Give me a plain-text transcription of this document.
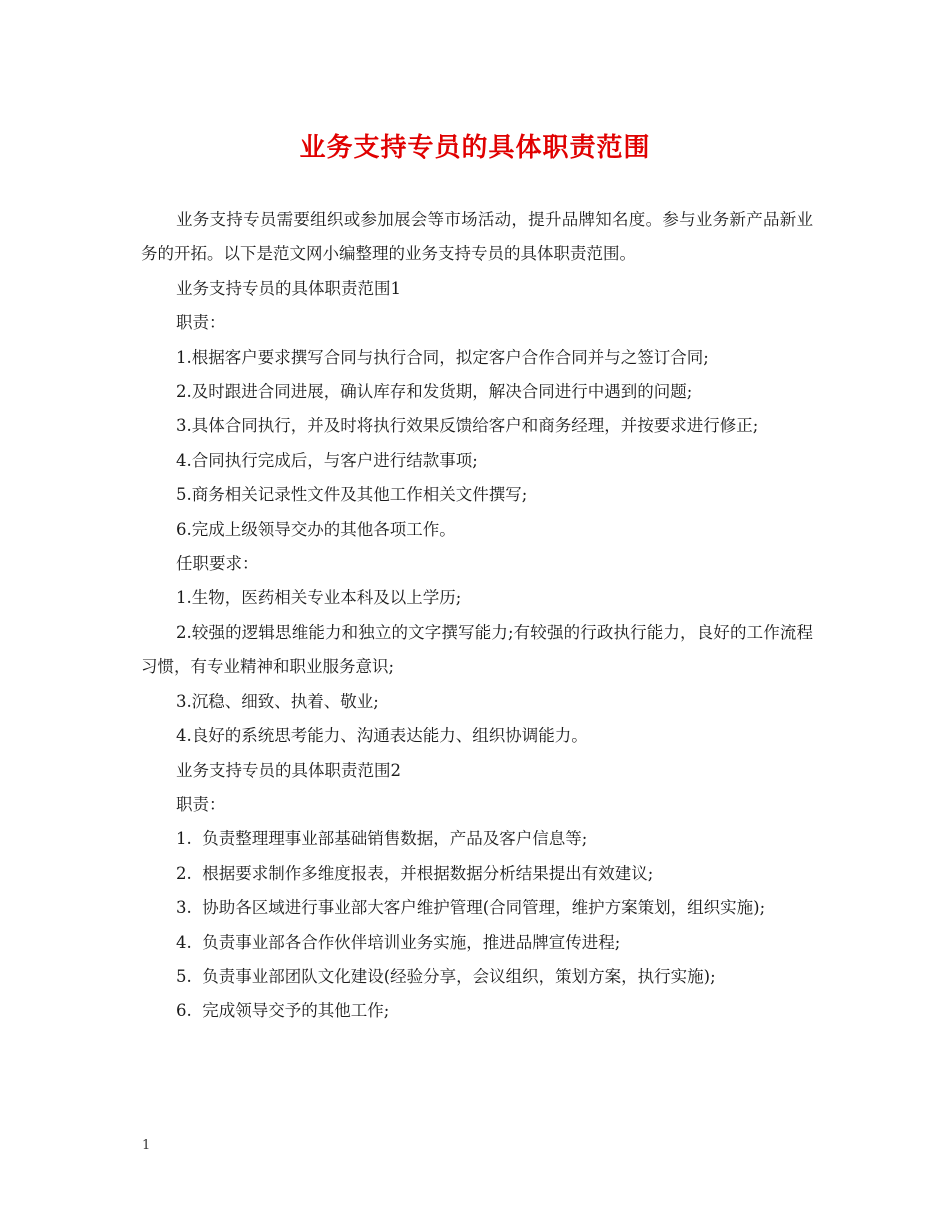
业务支持专员的具体职责范围

业务支持专员需要组织或参加展会等市场活动，提升品牌知名度。参与业务新产品新业务的开拓。以下是范文网小编整理的业务支持专员的具体职责范围。

业务支持专员的具体职责范围1

职责：

1.根据客户要求撰写合同与执行合同，拟定客户合作合同并与之签订合同;

2.及时跟进合同进展，确认库存和发货期，解决合同进行中遇到的问题;

3.具体合同执行，并及时将执行效果反馈给客户和商务经理，并按要求进行修正;

4.合同执行完成后，与客户进行结款事项;

5.商务相关记录性文件及其他工作相关文件撰写;

6.完成上级领导交办的其他各项工作。

任职要求：

1.生物，医药相关专业本科及以上学历;

2.较强的逻辑思维能力和独立的文字撰写能力;有较强的行政执行能力，良好的工作流程习惯，有专业精神和职业服务意识;

3.沉稳、细致、执着、敬业;

4.良好的系统思考能力、沟通表达能力、组织协调能力。

业务支持专员的具体职责范围2

职责：

1.  负责整理理事业部基础销售数据，产品及客户信息等;

2.  根据要求制作多维度报表，并根据数据分析结果提出有效建议;

3.  协助各区域进行事业部大客户维护管理(合同管理，维护方案策划，组织实施);

4.  负责事业部各合作伙伴培训业务实施，推进品牌宣传进程;

5.  负责事业部团队文化建设(经验分享，会议组织，策划方案，执行实施);

6.  完成领导交予的其他工作;

1
